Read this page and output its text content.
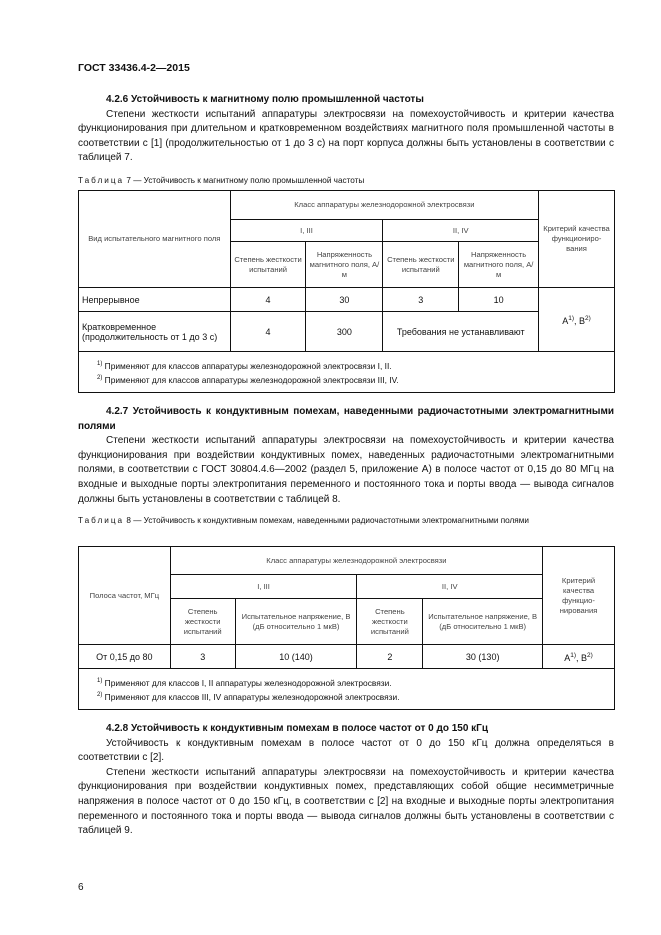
ГОСТ 33436.4-2—2015
4.2.6 Устойчивость к магнитному полю промышленной частоты

Степени жесткости испытаний аппаратуры электросвязи на помехоустойчивость и критерии качества функционирования при длительном и кратковременном воздействиях магнитного поля промышленной частоты в соответствии с [1] (продолжительностью от 1 до 3 с) на порт корпуса должны быть установлены в соответствии с таблицей 7.

Таблица 7 — Устойчивость к магнитному полю промышленной частоты
Вид испытательного магнитного поля	Класс аппаратуры железнодорожной электросвязи				Критерий качества функциониро-вания
	I, III		II, IV		
	Степень жесткости испытаний	Напряженность магнитного поля, А/м	Степень жесткости испытаний	Напряженность магнитного поля, А/м	
Непрерывное	4	30	3	10	$А^{1)}$, $В^{2)}$
Кратковременное (продолжительность от 1 до 3 с)	4	300	Требования не устанавливают		

$^{1)}$ Применяют для классов аппаратуры железнодорожной электросвязи I, II.
$^{2)}$ Применяют для классов аппаратуры железнодорожной электросвязи III, IV.					
4.2.7 Устойчивость к кондуктивным помехам, наведенными радиочастотными электромагнитными полями

Степени жесткости испытаний аппаратуры электросвязи на помехоустойчивость и критерии качества функционирования при воздействии кондуктивных помех, наведенных радиочастотными электромагнитными полями, в соответствии с ГОСТ 30804.4.6—2002 (раздел 5, приложение А) в полосе частот от 0,15 до 80 МГц на входные и выходные порты электропитания переменного и постоянного тока и порты ввода — вывода сигналов должны быть установлены в соответствии с таблицей 8.

Таблица 8 — Устойчивость к кондуктивным помехам, наведенными радиочастотными электромагнитными полями
Полоса частот, МГц	Класс аппаратуры железнодорожной электросвязи				Критерий качества функцио-нирования
	I, III		II, IV		
	Степень жесткости испытаний	Испытательное напряжение, В (дБ относительно 1 мкВ)	Степень жесткости испытаний	Испытательное напряжение, В (дБ относительно 1 мкВ)	
От 0,15 до 80	3	10 (140)	2	30 (130)	$А^{1)}$, $В^{2)}$

$^{1)}$ Применяют для классов I, II аппаратуры железнодорожной электросвязи.
$^{2)}$ Применяют для классов III, IV аппаратуры железнодорожной электросвязи.					
4.2.8 Устойчивость к кондуктивным помехам в полосе частот от 0 до 150 кГц

Устойчивость к кондуктивным помехам в полосе частот от 0 до 150 кГц должна определяться в соответствии с [2].

Степени жесткости испытаний аппаратуры электросвязи на помехоустойчивость и критерии качества функционирования при воздействии кондуктивных помех, представляющих собой общие несимметричные напряжения в полосе частот от 0 до 150 кГц, в соответствии с [2] на входные и выходные порты электропитания переменного и постоянного тока и порты ввода — вывода сигналов должны быть установлены в соответствии с таблицей 9.

6
